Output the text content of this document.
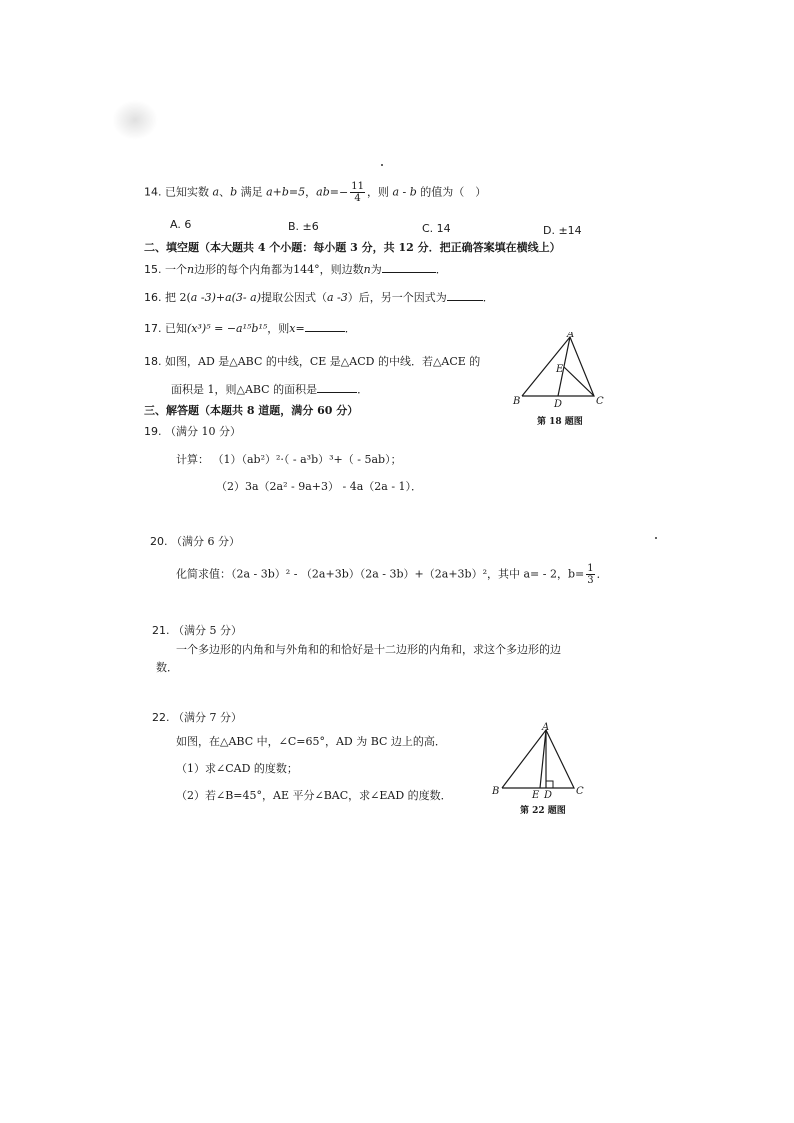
14. 已知实数 a、b 满足 a+b=5，$ab=- \frac{11}{4}$ ，则 a - b 的值为（　）
A. 6	B. ±6	C. 14	D. ±14
二、填空题（本大题共 4 个小题：每小题 3 分，共 12 分．把正确答案填在横线上）
15. 一个n边形的每个内角都为144°，则边数n为	．
16. 把 2(a -3)+a(3- a)提取公因式（a -3）后，另一个因式为	．
17. 已知(x³)⁵ = −a¹⁵b¹⁵，则x=	．
18. 如图，AD 是△ABC 的中线，CE 是△ACD 的中线．若△ACE 的
面积是 1，则△ABC 的面积是	．
A
B	C
D
E
第 18 题图
三、解答题（本题共 8 道题，满分 60 分）
19. （满分 10 分）
计算： （1）（ab²）²·（ - a³b）³+（ - 5ab）；
（2）3a（2a² - 9a+3） - 4a（2a - 1）．
20. （满分 6 分）
化简求值：（2a - 3b）² - （2a+3b）（2a - 3b）+（2a+3b）²，其中 a= - 2，$b= \frac{1}{3}$ ．
21. （满分 5 分）
一个多边形的内角和与外角和的和恰好是十二边形的内角和，求这个多边形的边
数．
22. （满分 7 分）
如图，在△ABC 中，∠C=65°，AD 为 BC 边上的高．
（1）求∠CAD 的度数；
（2）若∠B=45°，AE 平分∠BAC，求∠EAD 的度数．
A
B	C
D
E
第 22 题图
